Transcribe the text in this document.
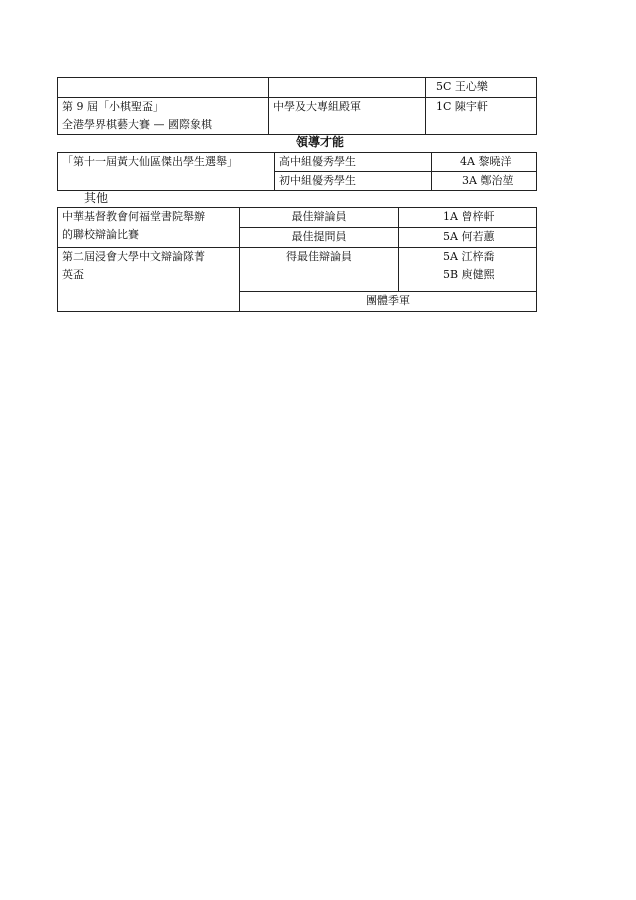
		5C 王心樂

第 9 屆「小棋聖盃」
全港學界棋藝大賽 — 國際象棋	中學及大專組殿軍	1C 陳宇軒
領導才能
「第十一屆黃大仙區傑出學生選舉」	高中組優秀學生	4A 黎曉洋
	初中組優秀學生	3A 鄭治堃
其他
中華基督教會何福堂書院舉辦
的聯校辯論比賽	最佳辯論員	1A 曾梓軒
	最佳提問員	5A 何若蕙

第二屆浸會大學中文辯論隊菁
英盃	得最佳辯論員	5A 江梓喬
5B 庾健熙

	團體季軍	
